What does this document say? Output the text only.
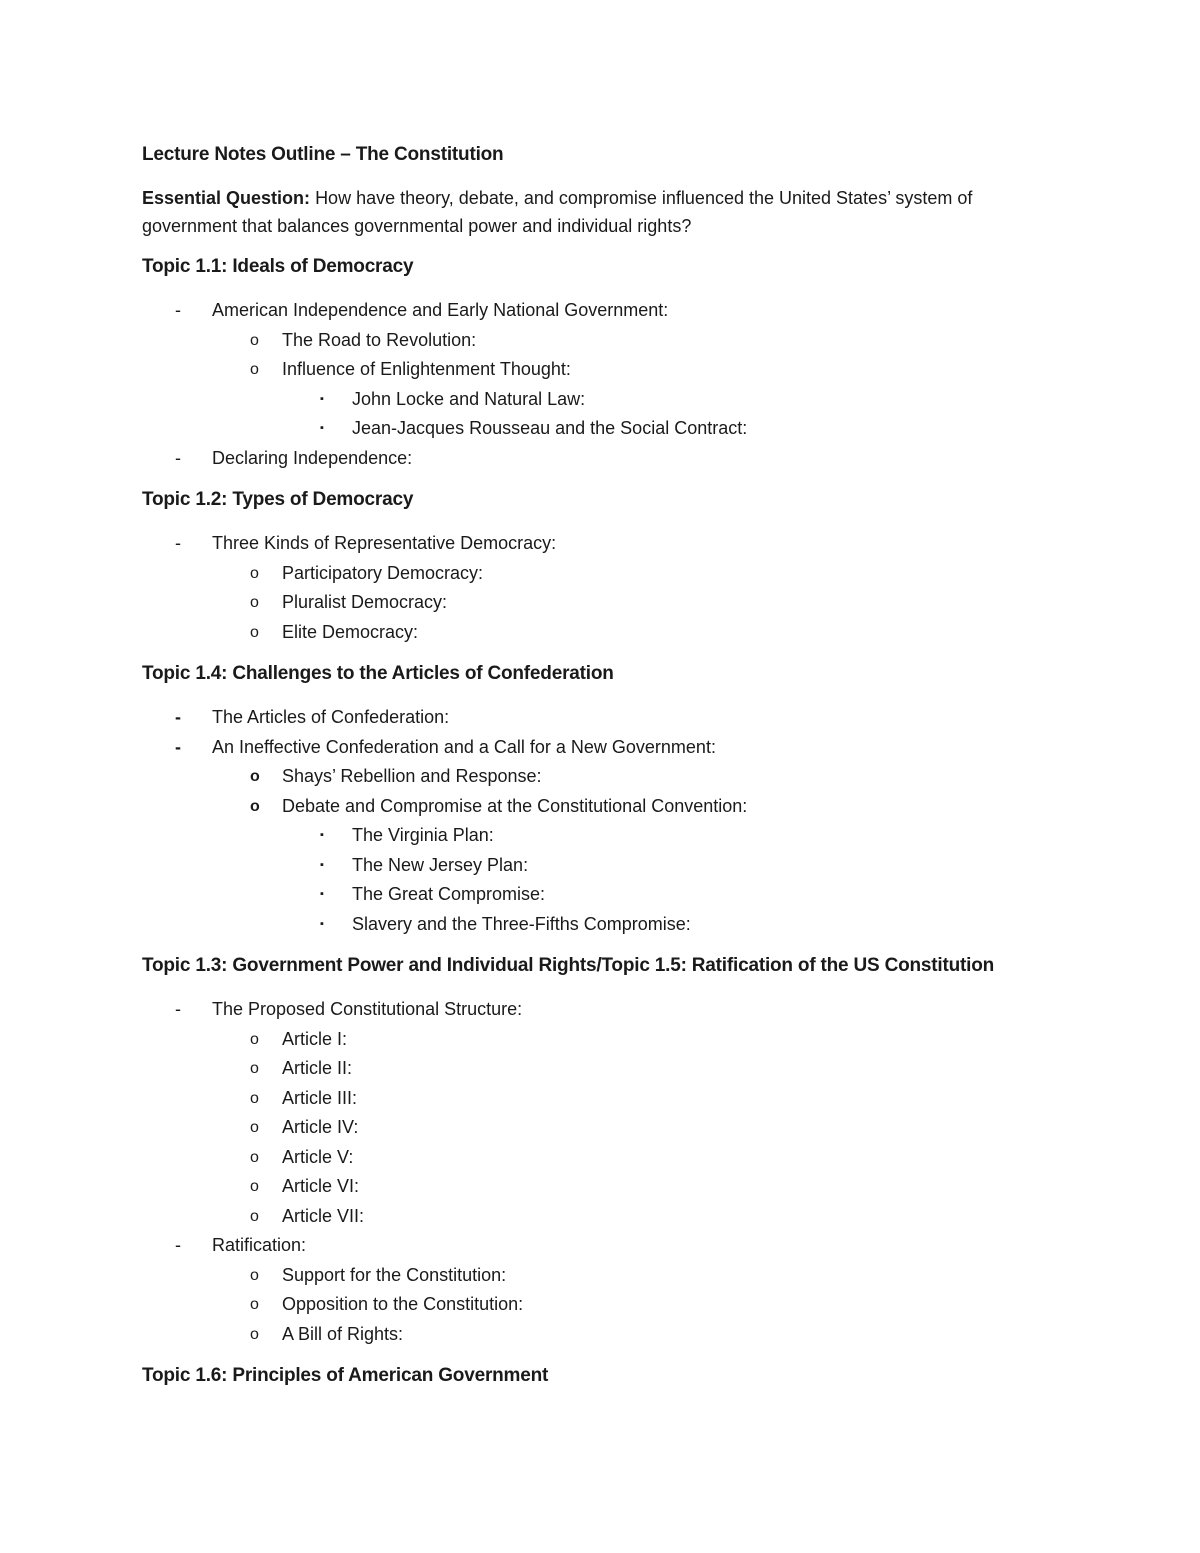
Lecture Notes Outline – The Constitution
Essential Question: How have theory, debate, and compromise influenced the United States’ system of government that balances governmental power and individual rights?
Topic 1.1: Ideals of Democracy
- American Independence and Early National Government:
o The Road to Revolution:
o Influence of Enlightenment Thought:
▪ John Locke and Natural Law:
▪ Jean-Jacques Rousseau and the Social Contract:
- Declaring Independence:
Topic 1.2: Types of Democracy
- Three Kinds of Representative Democracy:
o Participatory Democracy:
o Pluralist Democracy:
o Elite Democracy:
Topic 1.4: Challenges to the Articles of Confederation
- The Articles of Confederation:
- An Ineffective Confederation and a Call for a New Government:
o Shays’ Rebellion and Response:
o Debate and Compromise at the Constitutional Convention:
▪ The Virginia Plan:
▪ The New Jersey Plan:
▪ The Great Compromise:
▪ Slavery and the Three-Fifths Compromise:
Topic 1.3: Government Power and Individual Rights/Topic 1.5: Ratification of the US Constitution
- The Proposed Constitutional Structure:
o Article I:
o Article II:
o Article III:
o Article IV:
o Article V:
o Article VI:
o Article VII:
- Ratification:
o Support for the Constitution:
o Opposition to the Constitution:
o A Bill of Rights:
Topic 1.6: Principles of American Government
